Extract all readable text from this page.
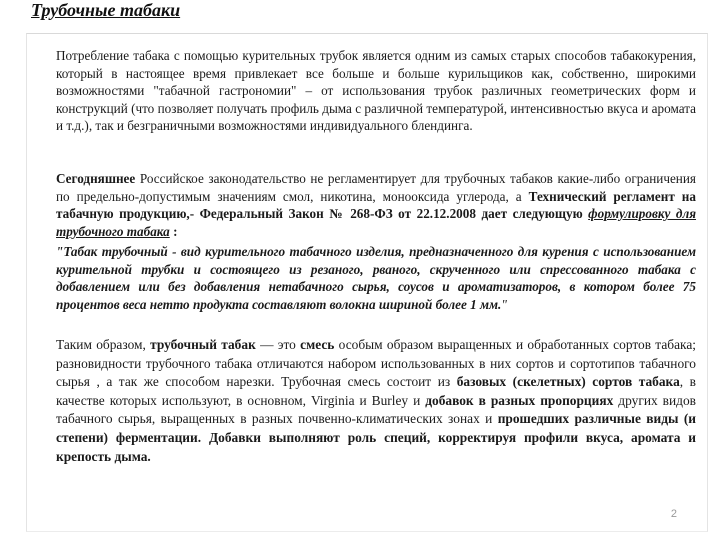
Трубочные табаки
Потребление табака с помощью курительных трубок является одним из самых старых способов табакокурения, который в настоящее время привлекает все больше и больше курильщиков как, собственно, широкими возможностями "табачной гастрономии" – от использования трубок различных геометрических форм и конструкций (что позволяет получать профиль дыма с различной температурой, интенсивностью вкуса и аромата и т.д.), так и безграничными возможностями индивидуального блендинга.
Сегодняшнее Российское законодательство не регламентирует для трубочных табаков какие-либо ограничения по предельно-допустимым значениям смол, никотина, монооксида углерода, а Технический регламент на табачную продукцию,- Федеральный Закон № 268-ФЗ от 22.12.2008 дает следующую формулировку для трубочного табака :
"Табак трубочный - вид курительного табачного изделия, предназначенного для курения с использованием курительной трубки и состоящего из резаного, рваного, скрученного или спрессованного табака с добавлением или без добавления нетабачного сырья, соусов и ароматизаторов, в котором более 75 процентов веса нетто продукта составляют волокна шириной более 1 мм."
Таким образом, трубочный табак — это смесь особым образом выращенных и обработанных сортов табака; разновидности трубочного табака отличаются набором использованных в них сортов и сортотипов табачного сырья , а так же способом нарезки. Трубочная смесь состоит из базовых (скелетных) сортов табака, в качестве которых используют, в основном, Virginia и Burley и добавок в разных пропорциях других видов табачного сырья, выращенных в разных почвенно-климатических зонах и прошедших различные виды (и степени) ферментации. Добавки выполняют роль специй, корректируя профили вкуса, аромата и крепость дыма.
2
